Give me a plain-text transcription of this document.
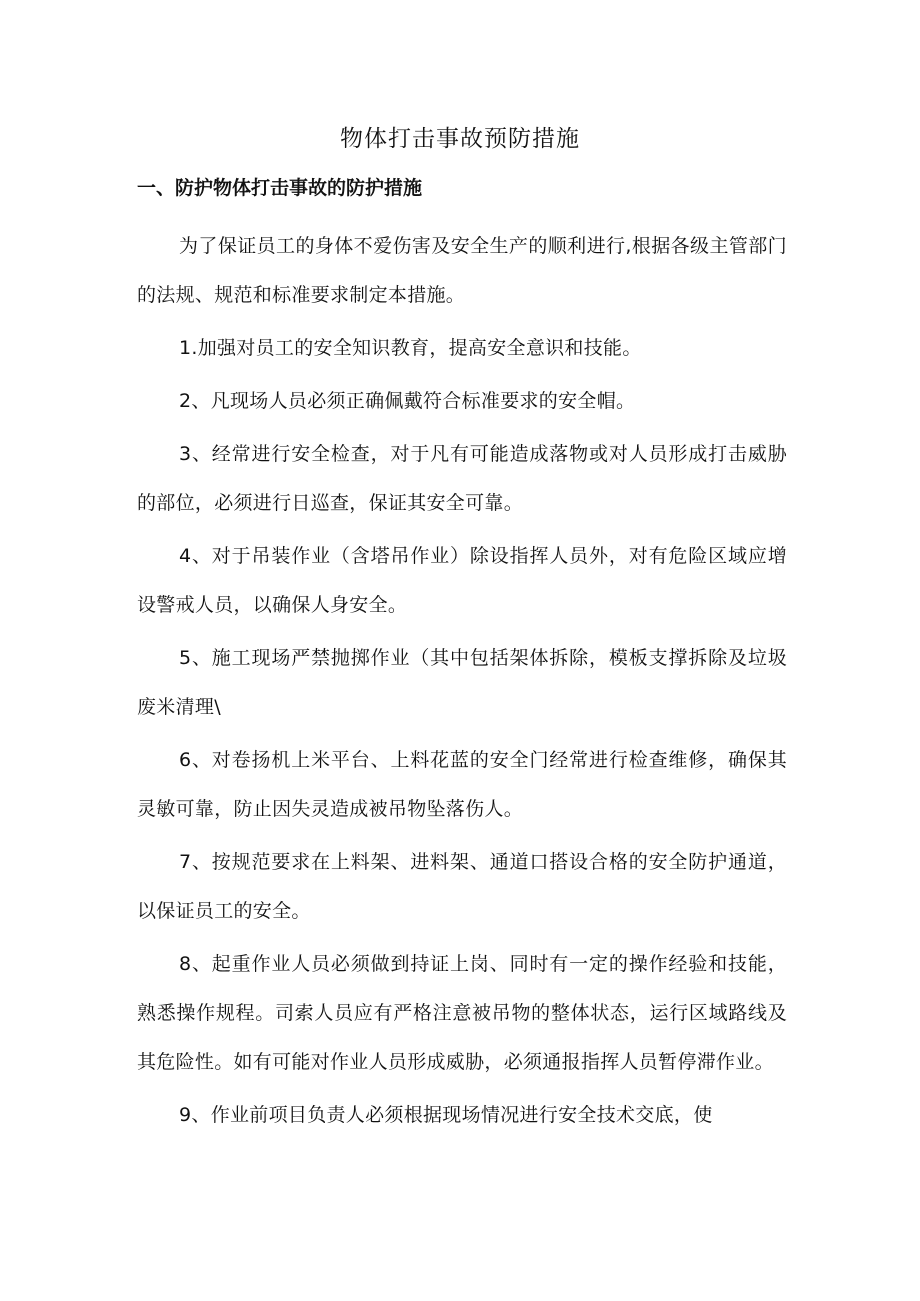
物体打击事故预防措施
一、防护物体打击事故的防护措施

为了保证员工的身体不爱伤害及安全生产的顺利进行,根据各级主管部门的法规、规范和标准要求制定本措施。

1.加强对员工的安全知识教育，提高安全意识和技能。

2、凡现场人员必须正确佩戴符合标准要求的安全帽。

3、经常进行安全检查，对于凡有可能造成落物或对人员形成打击威胁的部位，必须进行日巡查，保证其安全可靠。

4、对于吊装作业（含塔吊作业）除设指挥人员外，对有危险区域应增设警戒人员，以确保人身安全。

5、施工现场严禁抛掷作业（其中包括架体拆除，模板支撑拆除及垃圾废米清理\

6、对卷扬机上米平台、上料花蓝的安全门经常进行检查维修，确保其灵敏可靠，防止因失灵造成被吊物坠落伤人。

7、按规范要求在上料架、进料架、通道口搭设合格的安全防护通道，以保证员工的安全。

8、起重作业人员必须做到持证上岗、同时有一定的操作经验和技能，熟悉操作规程。司索人员应有严格注意被吊物的整体状态，运行区域路线及其危险性。如有可能对作业人员形成威胁，必须通报指挥人员暂停滞作业。

9、作业前项目负责人必须根据现场情况进行安全技术交底，使
